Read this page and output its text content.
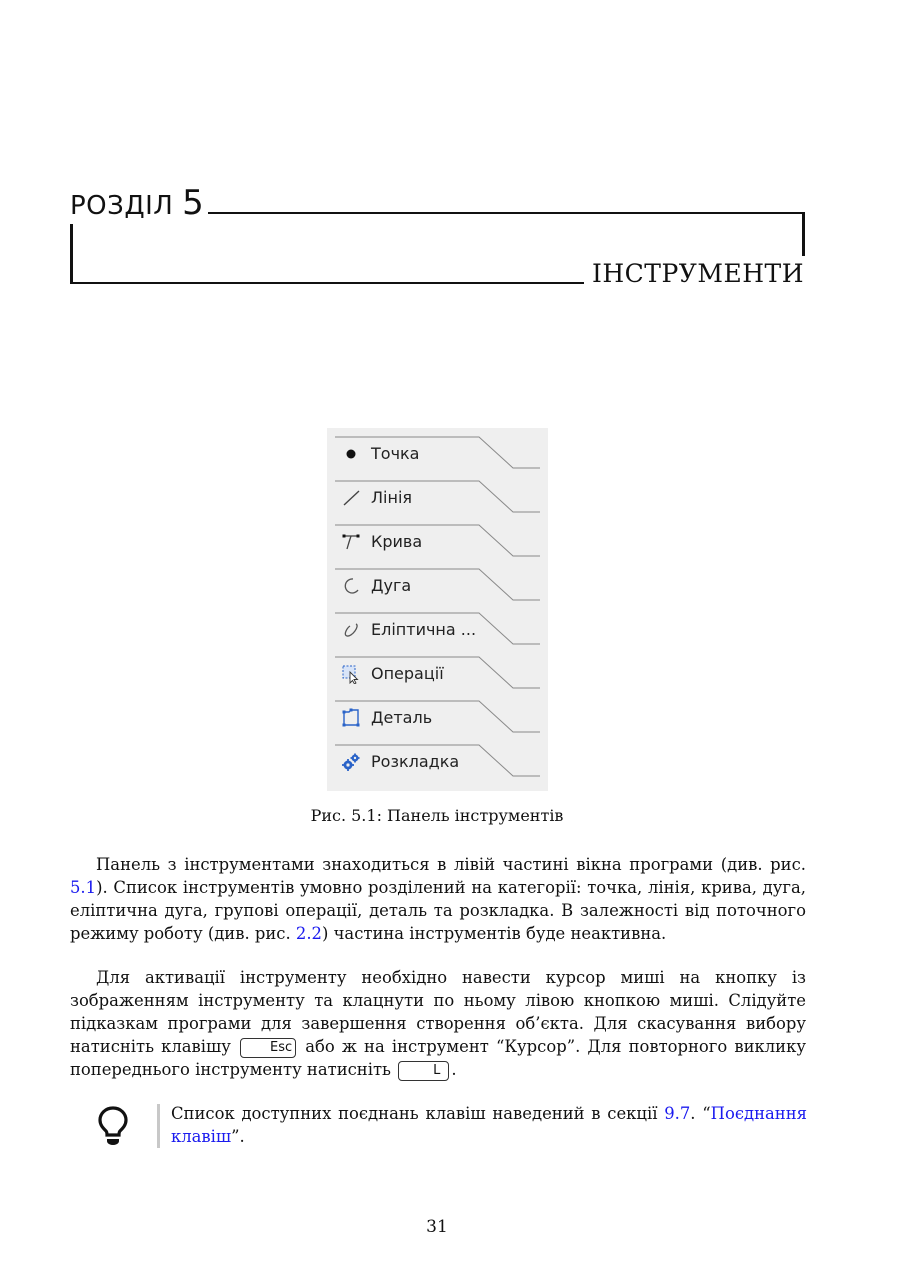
РОЗДІЛ 5
ІНСТРУМЕНТИ
Точка
Лінія
Крива
Дуга
Еліптична ...
Операції
Деталь
Розкладка
Рис. 5.1: Панель інструментів

Панель з інструментами знаходиться в лівій частині вікна програми (див. рис. 5.1). Список інструментів умовно розділений на категорії: точка, лінія, крива, дуга, еліптична дуга, групові операції, деталь та розкладка. В залежності від поточного режиму роботу (див. рис. 2.2) частина інструментів буде неактивна.

Для активації інструменту необхідно навести курсор миші на кнопку із зображенням інструменту та клацнути по ньому лівою кнопкою миші. Слідуйте підказкам програми для завершення створення об’єкта. Для скасування вибору натисніть клавішу Esc або ж на інструмент “Курсор”. Для повторного виклику попереднього інструменту натисніть	L .

Список доступних поєднань клавіш наведений в секції 9.7. “Поєднання клавіш”.
31
